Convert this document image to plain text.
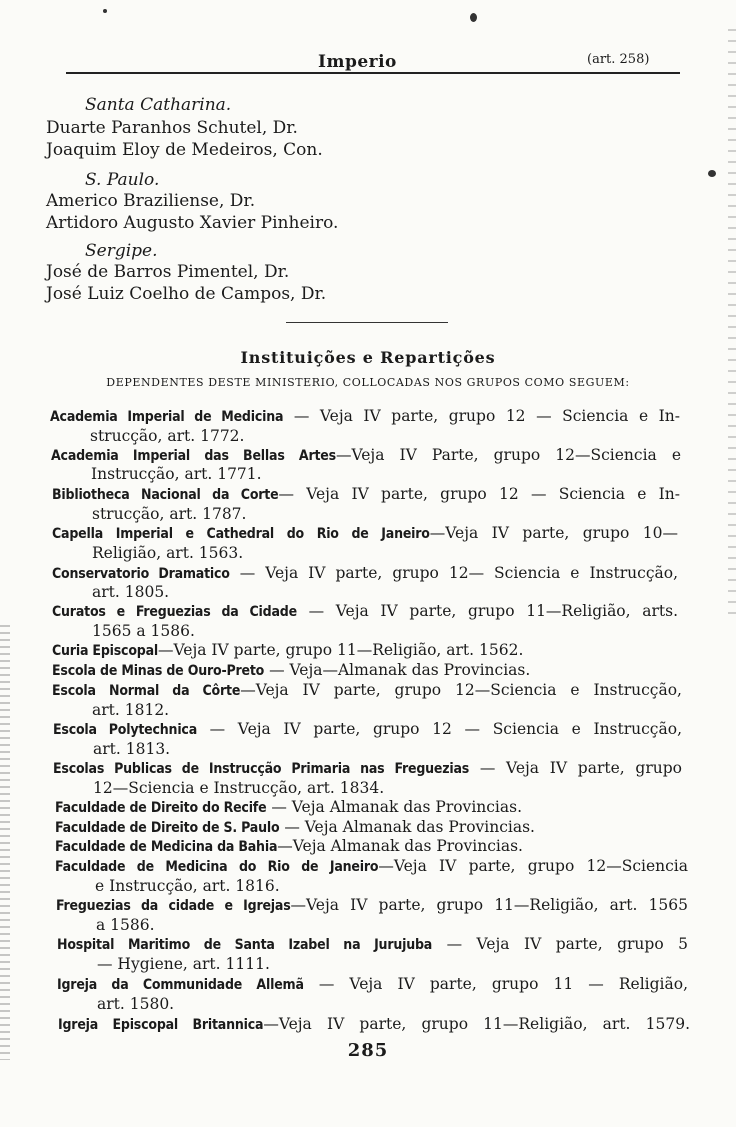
Imperio	(art. 258)
Santa Catharina.
Duarte Paranhos Schutel, Dr.
Joaquim Eloy de Medeiros, Con.
S. Paulo.
Americo Braziliense, Dr.
Artidoro Augusto Xavier Pinheiro.
Sergipe.
José de Barros Pimentel, Dr.
José Luiz Coelho de Campos, Dr.
Instituições e Repartições
DEPENDENTES DESTE MINISTERIO, COLLOCADAS NOS GRUPOS COMO SEGUEM:
Academia Imperial de Medicina — Veja IV parte, grupo 12 — Sciencia e In-
strucção, art. 1772.
Academia Imperial das Bellas Artes—Veja IV Parte, grupo 12—Sciencia e
Instrucção, art. 1771.
Bibliotheca Nacional da Corte— Veja IV parte, grupo 12 — Sciencia e In-
strucção, art. 1787.
Capella Imperial e Cathedral do Rio de Janeiro—Veja IV parte, grupo 10—
Religião, art. 1563.
Conservatorio Dramatico — Veja IV parte, grupo 12— Sciencia e Instrucção,
art. 1805.
Curatos e Freguezias da Cidade — Veja IV parte, grupo 11—Religião, arts.
1565 a 1586.
Curia Episcopal—Veja IV parte, grupo 11—Religião, art. 1562.
Escola de Minas de Ouro-Preto — Veja—Almanak das Provincias.
Escola Normal da Côrte—Veja IV parte, grupo 12—Sciencia e Instrucção,
art. 1812.
Escola Polytechnica — Veja IV parte, grupo 12 — Sciencia e Instrucção,
art. 1813.
Escolas Publicas de Instrucção Primaria nas Freguezias — Veja IV parte, grupo
12—Sciencia e Instrucção, art. 1834.
Faculdade de Direito do Recife — Veja Almanak das Provincias.
Faculdade de Direito de S. Paulo — Veja Almanak das Provincias.
Faculdade de Medicina da Bahia—Veja Almanak das Provincias.
Faculdade de Medicina do Rio de Janeiro—Veja IV parte, grupo 12—Sciencia
e Instrucção, art. 1816.
Freguezias da cidade e Igrejas—Veja IV parte, grupo 11—Religião, art. 1565
a 1586.
Hospital Maritimo de Santa Izabel na Jurujuba — Veja IV parte, grupo 5
— Hygiene, art. 1111.
Igreja da Communidade Allemã — Veja IV parte, grupo 11 — Religião,
art. 1580.
Igreja Episcopal Britannica—Veja IV parte, grupo 11—Religião, art. 1579.
285
